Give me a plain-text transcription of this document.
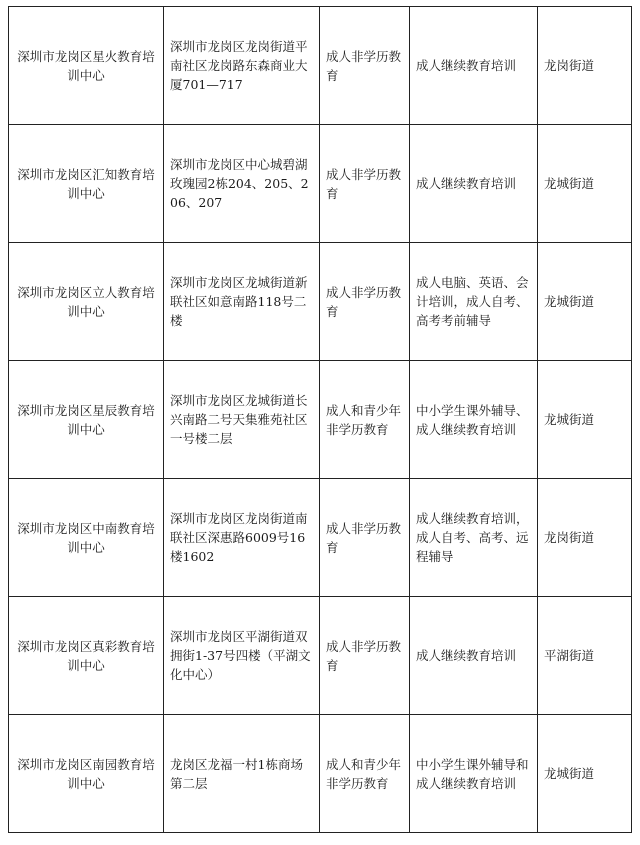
深圳市龙岗区星火教育培训中心	深圳市龙岗区龙岗街道平南社区龙岗路东森商业大厦701—717	成人非学历教育	成人继续教育培训	龙岗街道
深圳市龙岗区汇知教育培训中心	深圳市龙岗区中心城碧湖玫瑰园2栋204、205、206、207	成人非学历教育	成人继续教育培训	龙城街道
深圳市龙岗区立人教育培训中心	深圳市龙岗区龙城街道新联社区如意南路118号二楼	成人非学历教育	成人电脑、英语、会计培训，成人自考、高考考前辅导	龙城街道
深圳市龙岗区星辰教育培训中心	深圳市龙岗区龙城街道长兴南路二号天集雅苑社区一号楼二层	成人和青少年非学历教育	中小学生课外辅导、成人继续教育培训	龙城街道
深圳市龙岗区中南教育培训中心	深圳市龙岗区龙岗街道南联社区深惠路6009号16楼1602	成人非学历教育	成人继续教育培训，成人自考、高考、远程辅导	龙岗街道
深圳市龙岗区真彩教育培训中心	深圳市龙岗区平湖街道双拥街1-37号四楼（平湖文化中心）	成人非学历教育	成人继续教育培训	平湖街道
深圳市龙岗区南园教育培训中心	龙岗区龙福一村1栋商场第二层	成人和青少年非学历教育	中小学生课外辅导和成人继续教育培训	龙城街道
